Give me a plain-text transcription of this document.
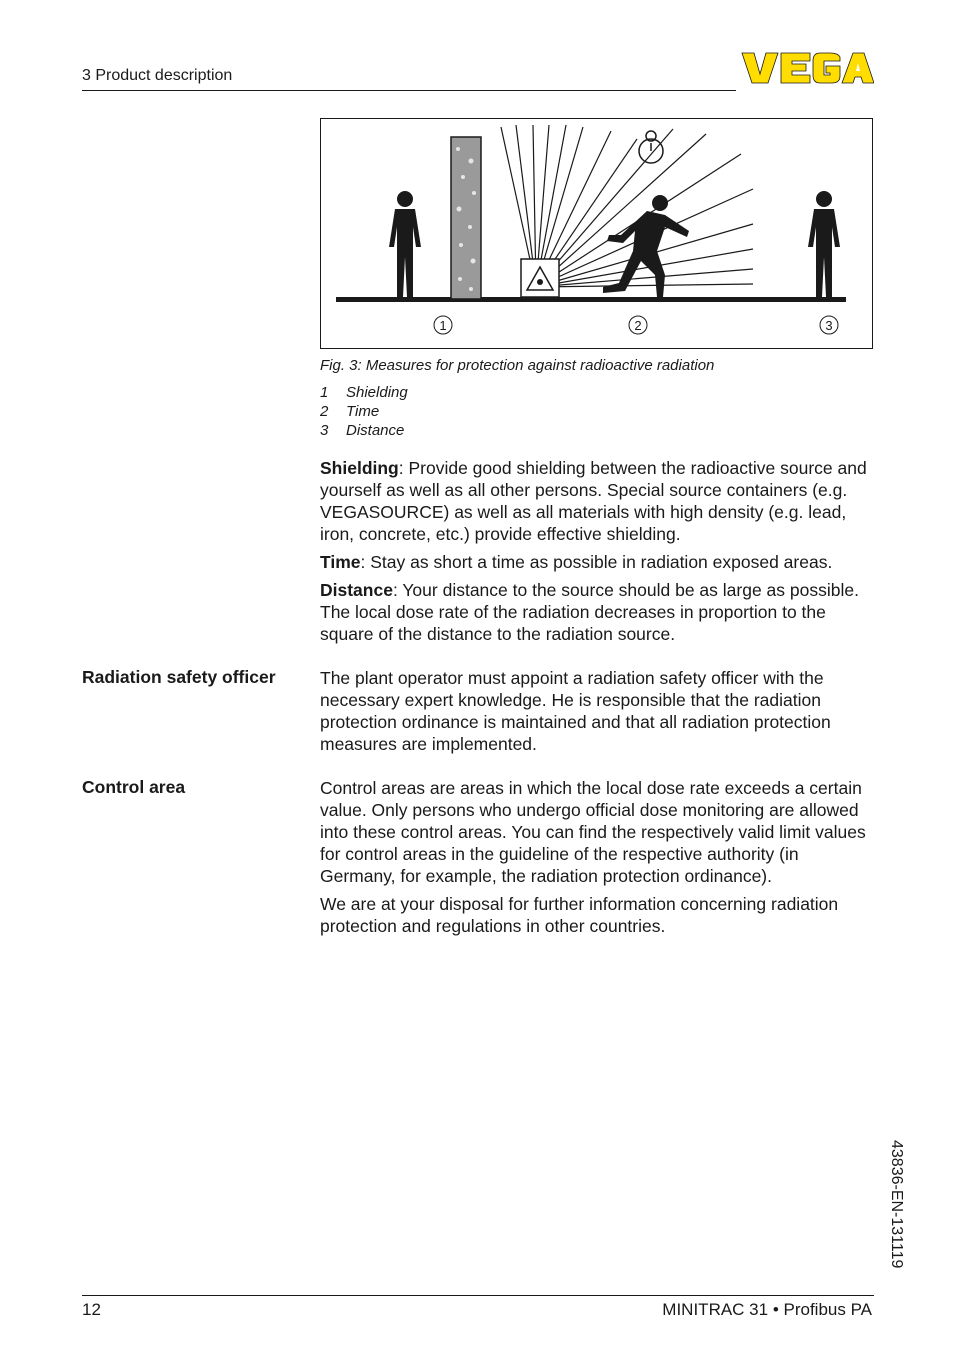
3 Product description
1	2	3
Fig. 3: Measures for protection against radioactive radiation
1 Shielding
2 Time
3 Distance

Shielding: Provide good shielding between the radioactive source and yourself as well as all other persons. Special source containers (e.g. VEGASOURCE) as well as all materials with high density (e.g. lead, iron, concrete, etc.) provide effective shielding.

Time: Stay as short a time as possible in radiation exposed areas.

Distance: Your distance to the source should be as large as possible. The local dose rate of the radiation decreases in proportion to the square of the distance to the radiation source.

Radiation safety officer	The plant operator must appoint a radiation safety officer with the necessary expert knowledge. He is responsible that the radiation protection ordinance is maintained and that all radiation protection measures are implemented.

Control area	Control areas are areas in which the local dose rate exceeds a certain value. Only persons who undergo official dose monitoring are allowed into these control areas. You can find the respectively valid limit values for control areas in the guideline of the respective authority (in Germany, for example, the radiation protection ordinance).

We are at your disposal for further information concerning radiation protection and regulations in other countries.

43836-EN-131119
12	MINITRAC 31 • Profibus PA
